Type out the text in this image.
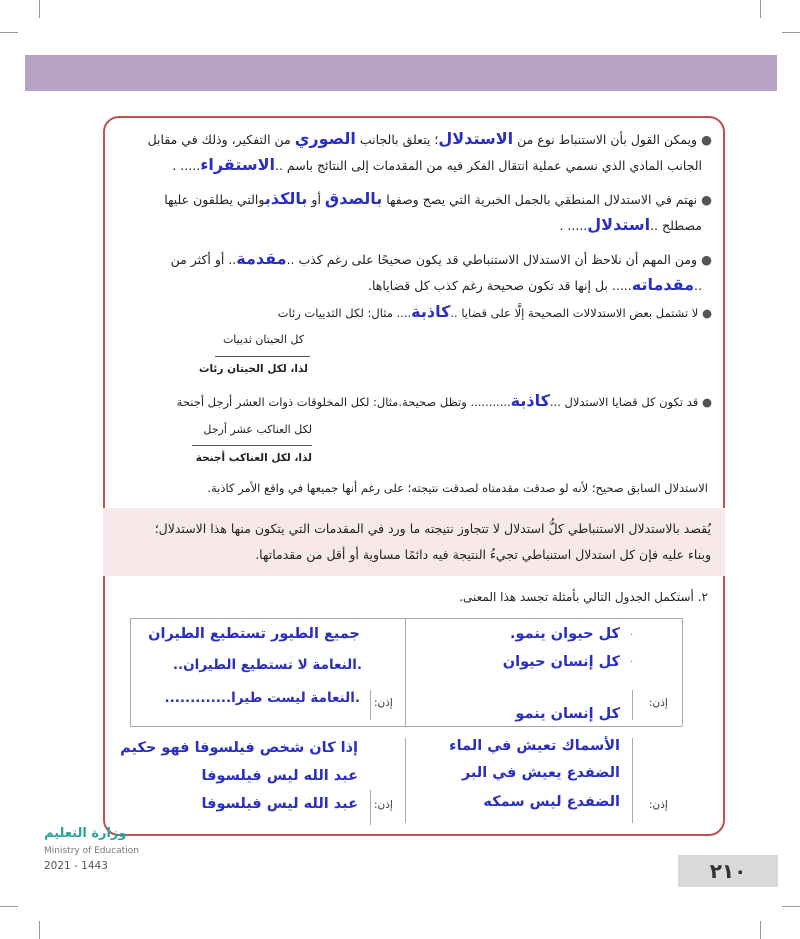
● ويمكن القول بأن الاستنباط نوع من الاستدلال؛ يتعلق بالجانب الصوري من التفكير، وذلك في مقابل
الجانب المادي الذي نسمي عملية انتقال الفكر فيه من المقدمات إلى النتائج باسم ..الاستقراء..... .
● نهتم في الاستدلال المنطقي بالجمل الخبرية التي يصح وصفها بالصدق أو بالكذبوالتي يطلقون عليها
مصطلح ..استدلال..... .
● ومن المهم أن نلاحظ أن الاستدلال الاستنباطي قد يكون صحيحًا على رغم كذب ..مقدمة.. أو أكثر من
..مقدماته..... بل إنها قد تكون صحيحة رغم كذب كل قضاياها.
● لا تشتمل بعض الاستدلالات الصحيحة إلَّا على قضايا ..كاذبة.... مثال: لكل الثدييات رئات
كل الحيتان ثدييات
لذا، لكل الحيتان رئات
● قد تكون كل قضايا الاستدلال ...كاذبة........... وتظل صحيحة.مثال: لكل المخلوقات ذوات العشر أرجل أجنحة
لكل العناكب عشر أرجل
لذا، لكل العناكب أجنحة
الاستدلال السابق صحيح؛ لأنه لو صدقت مقدمتاه لصدقت نتيجته؛ على رغم أنها جميعها في واقع الأمر كاذبة.

يُقصد بالاستدلال الاستنباطي كلُّ استدلال لا تتجاوز نتيجته ما ورد في المقدمات التي يتكون منها هذا الاستدلال؛

وبناء عليه فإن كل استدلال استنباطي تجيءُ النتيجة فيه دائمًا مساوية أو أقل من مقدماتها.

٢. أستكمل الجدول التالي بأمثلة تجسد هذا المعنى.
كل حيوان ينمو.
كل إنسان حيوان
كل إنسان ينمو
إذن:
·
·
جميع الطيور تستطيع الطيران
.النعامة لا تستطيع الطيران..
.النعامة ليست طيرا............. إذن:
الأسماك تعيش في الماء
الضفدع يعيش في البر
الضفدع ليس سمكه	إذن:
إذا كان شخص فيلسوفا فهو حكيم
عبد الله ليس فيلسوفا
عبد الله ليس فيلسوفا إذن:
وزارة التعليم
Ministry of Education
2021 - 1443	٢١٠
